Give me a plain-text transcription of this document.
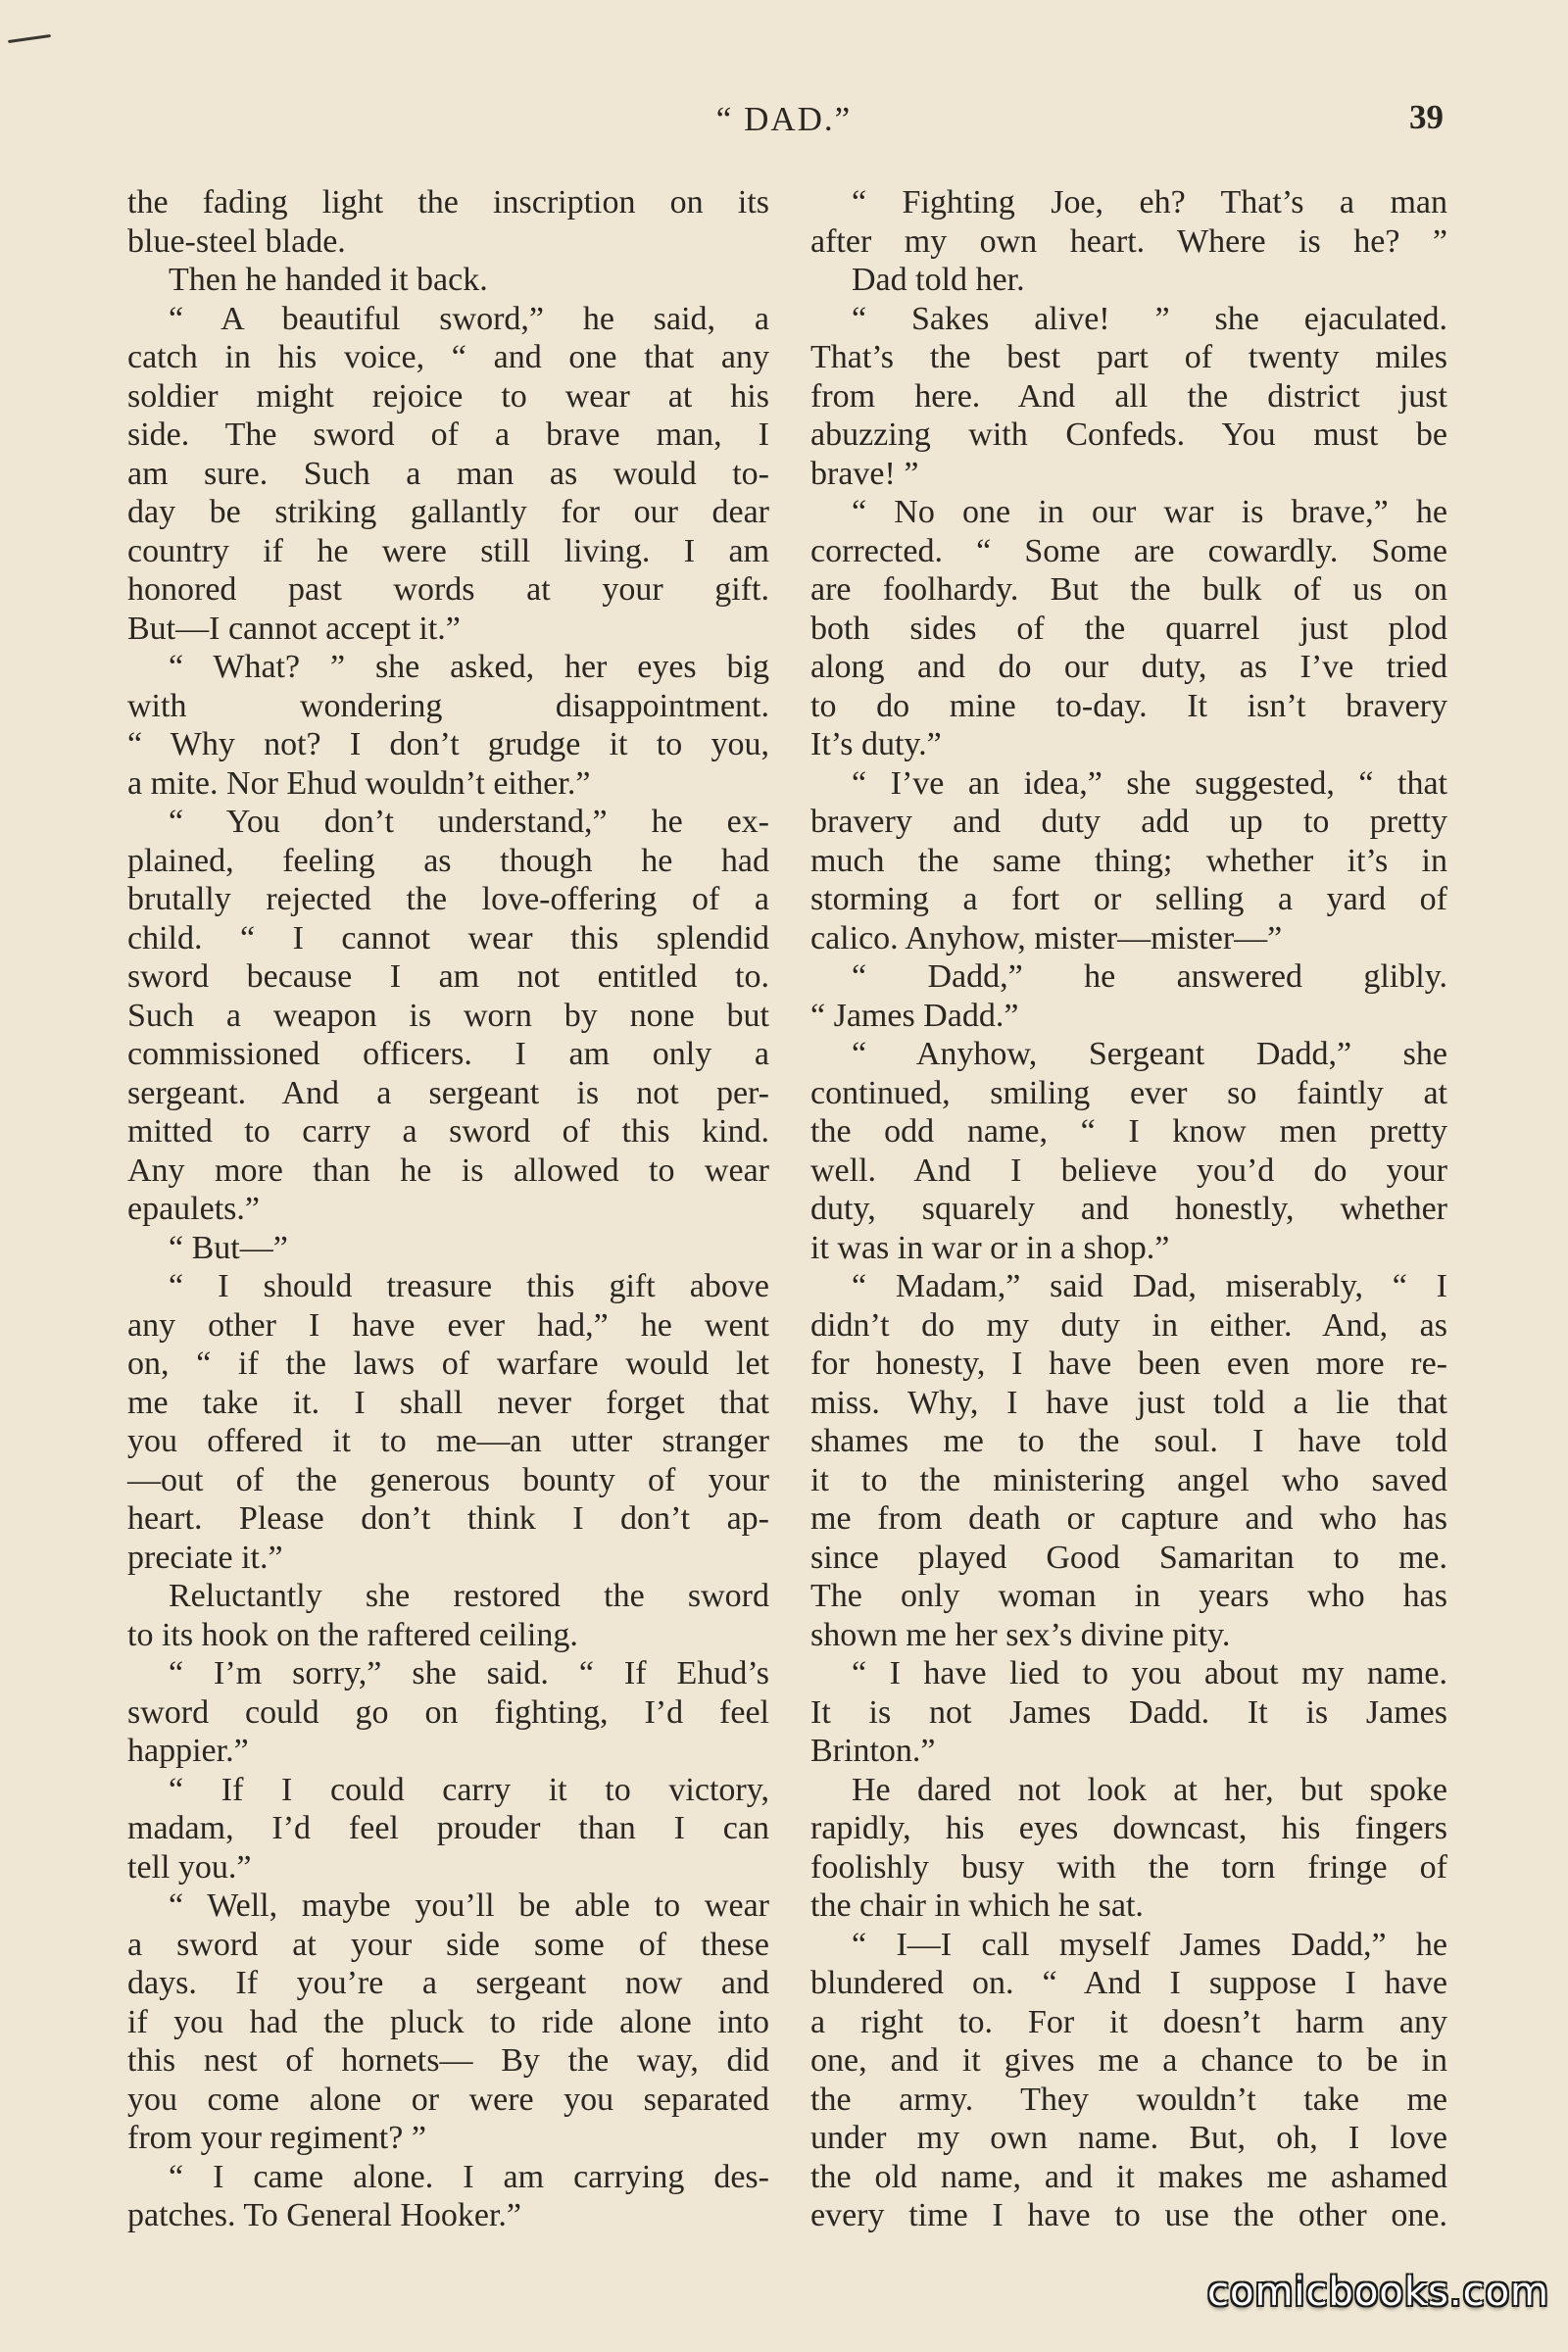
“ DAD.”	39
the fading light the inscription on its
blue-steel blade.
Then he handed it back.
“ A beautiful sword,” he said, a
catch in his voice, “ and one that any
soldier might rejoice to wear at his
side. The sword of a brave man, I
am sure. Such a man as would to-
day be striking gallantly for our dear
country if he were still living. I am
honored past words at your gift.
But—I cannot accept it.”
“ What? ” she asked, her eyes big
with wondering disappointment.
“ Why not? I don’t grudge it to you,
a mite. Nor Ehud wouldn’t either.”
“ You don’t understand,” he ex-
plained, feeling as though he had
brutally rejected the love-offering of a
child. “ I cannot wear this splendid
sword because I am not entitled to.
Such a weapon is worn by none but
commissioned officers. I am only a
sergeant. And a sergeant is not per-
mitted to carry a sword of this kind.
Any more than he is allowed to wear
epaulets.”
“ But—”
“ I should treasure this gift above
any other I have ever had,” he went
on, “ if the laws of warfare would let
me take it. I shall never forget that
you offered it to me—an utter stranger
—out of the generous bounty of your
heart. Please don’t think I don’t ap-
preciate it.”
Reluctantly she restored the sword
to its hook on the raftered ceiling.
“ I’m sorry,” she said. “ If Ehud’s
sword could go on fighting, I’d feel
happier.”
“ If I could carry it to victory,
madam, I’d feel prouder than I can
tell you.”
“ Well, maybe you’ll be able to wear
a sword at your side some of these
days. If you’re a sergeant now and
if you had the pluck to ride alone into
this nest of hornets— By the way, did
you come alone or were you separated
from your regiment? ”
“ I came alone. I am carrying des-
patches. To General Hooker.”
“ Fighting Joe, eh? That’s a man
after my own heart. Where is he? ”
Dad told her.
“ Sakes alive! ” she ejaculated.
That’s the best part of twenty miles
from here. And all the district just
abuzzing with Confeds. You must be
brave! ”
“ No one in our war is brave,” he
corrected. “ Some are cowardly. Some
are foolhardy. But the bulk of us on
both sides of the quarrel just plod
along and do our duty, as I’ve tried
to do mine to-day. It isn’t bravery
It’s duty.”
“ I’ve an idea,” she suggested, “ that
bravery and duty add up to pretty
much the same thing; whether it’s in
storming a fort or selling a yard of
calico. Anyhow, mister—mister—”
“ Dadd,” he answered glibly.
“ James Dadd.”
“ Anyhow, Sergeant Dadd,” she
continued, smiling ever so faintly at
the odd name, “ I know men pretty
well. And I believe you’d do your
duty, squarely and honestly, whether
it was in war or in a shop.”
“ Madam,” said Dad, miserably, “ I
didn’t do my duty in either. And, as
for honesty, I have been even more re-
miss. Why, I have just told a lie that
shames me to the soul. I have told
it to the ministering angel who saved
me from death or capture and who has
since played Good Samaritan to me.
The only woman in years who has
shown me her sex’s divine pity.
“ I have lied to you about my name.
It is not James Dadd. It is James
Brinton.”
He dared not look at her, but spoke
rapidly, his eyes downcast, his fingers
foolishly busy with the torn fringe of
the chair in which he sat.
“ I—I call myself James Dadd,” he
blundered on. “ And I suppose I have
a right to. For it doesn’t harm any
one, and it gives me a chance to be in
the army. They wouldn’t take me
under my own name. But, oh, I love
the old name, and it makes me ashamed
every time I have to use the other one.
comicbooks.com
